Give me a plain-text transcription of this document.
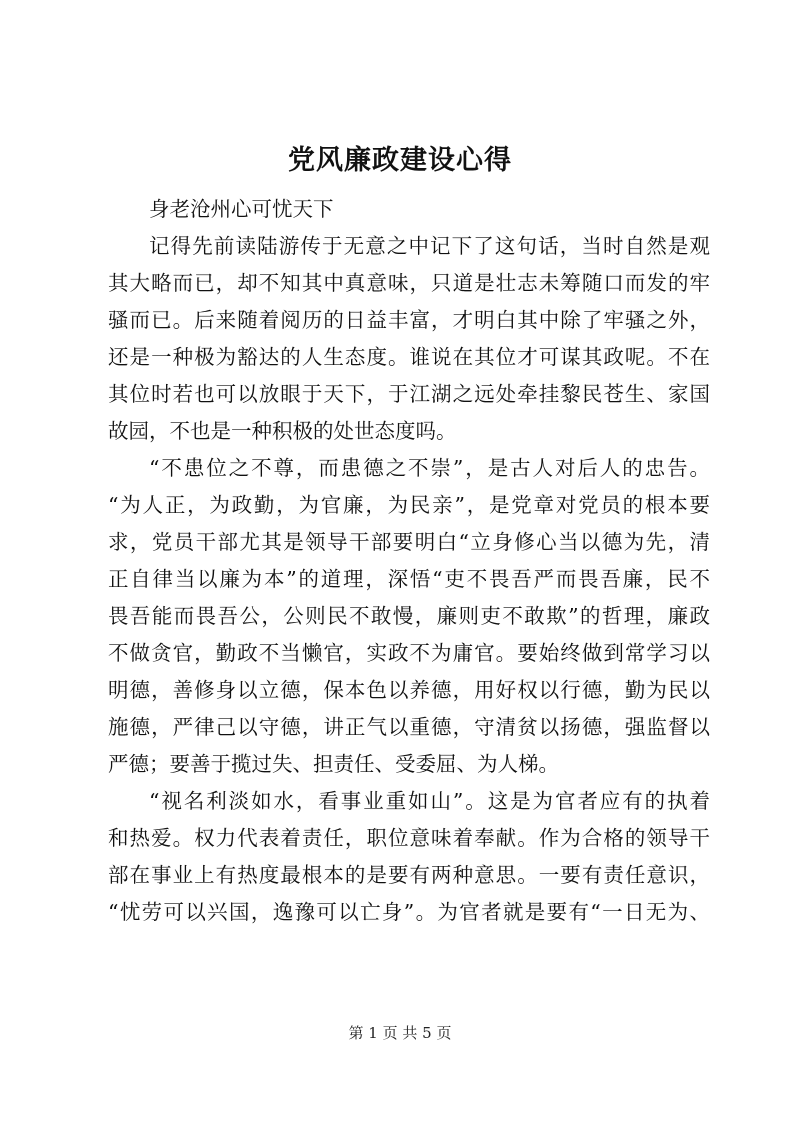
党风廉政建设心得
身老沧州心可忧天下
记得先前读陆游传于无意之中记下了这句话，当时自然是观
其大略而已，却不知其中真意味，只道是壮志未筹随口而发的牢
骚而已。后来随着阅历的日益丰富，才明白其中除了牢骚之外，
还是一种极为豁达的人生态度。谁说在其位才可谋其政呢。不在
其位时若也可以放眼于天下，于江湖之远处牵挂黎民苍生、家国
故园，不也是一种积极的处世态度吗。
“不患位之不尊，而患德之不崇”，是古人对后人的忠告。
“为人正，为政勤，为官廉，为民亲”，是党章对党员的根本要
求，党员干部尤其是领导干部要明白“立身修心当以德为先，清
正自律当以廉为本”的道理，深悟“吏不畏吾严而畏吾廉，民不
畏吾能而畏吾公，公则民不敢慢，廉则吏不敢欺”的哲理，廉政
不做贪官，勤政不当懒官，实政不为庸官。要始终做到常学习以
明德，善修身以立德，保本色以养德，用好权以行德，勤为民以
施德，严律己以守德，讲正气以重德，守清贫以扬德，强监督以
严德；要善于揽过失、担责任、受委屈、为人梯。
“视名利淡如水，看事业重如山”。这是为官者应有的执着
和热爱。权力代表着责任，职位意味着奉献。作为合格的领导干
部在事业上有热度最根本的是要有两种意思。一要有责任意识，
“忧劳可以兴国，逸豫可以亡身”。为官者就是要有“一日无为、
第 1 页 共 5 页
